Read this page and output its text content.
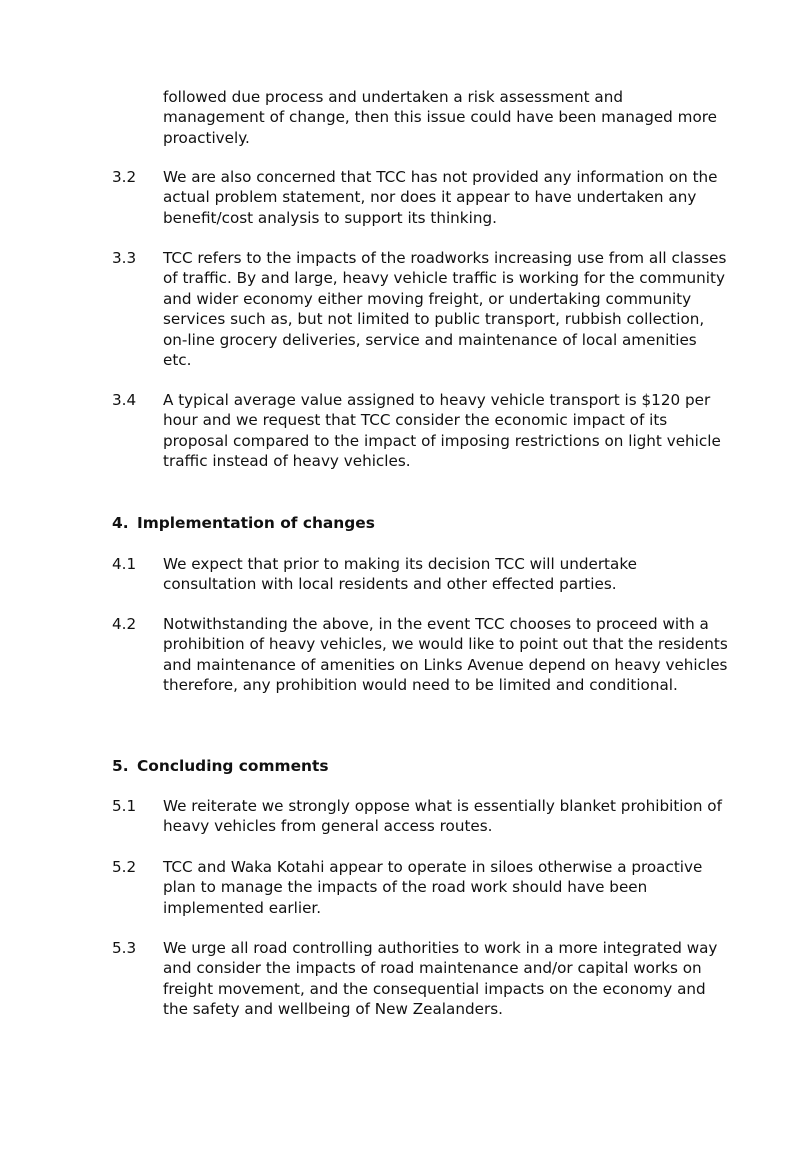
followed due process and undertaken a risk assessment and management of change, then this issue could have been managed more proactively.
3.2 We are also concerned that TCC has not provided any information on the actual problem statement, nor does it appear to have undertaken any benefit/cost analysis to support its thinking.
3.3 TCC refers to the impacts of the roadworks increasing use from all classes of traffic. By and large, heavy vehicle traffic is working for the community and wider economy either moving freight, or undertaking community services such as, but not limited to public transport, rubbish collection, on-line grocery deliveries, service and maintenance of local amenities etc.
3.4 A typical average value assigned to heavy vehicle transport is $120 per hour and we request that TCC consider the economic impact of its proposal compared to the impact of imposing restrictions on light vehicle traffic instead of heavy vehicles.
4. Implementation of changes
4.1 We expect that prior to making its decision TCC will undertake consultation with local residents and other effected parties.
4.2 Notwithstanding the above, in the event TCC chooses to proceed with a prohibition of heavy vehicles, we would like to point out that the residents and maintenance of amenities on Links Avenue depend on heavy vehicles therefore, any prohibition would need to be limited and conditional.
5. Concluding comments
5.1 We reiterate we strongly oppose what is essentially blanket prohibition of heavy vehicles from general access routes.
5.2 TCC and Waka Kotahi appear to operate in siloes otherwise a proactive plan to manage the impacts of the road work should have been implemented earlier.
5.3 We urge all road controlling authorities to work in a more integrated way and consider the impacts of road maintenance and/or capital works on freight movement, and the consequential impacts on the economy and the safety and wellbeing of New Zealanders.
